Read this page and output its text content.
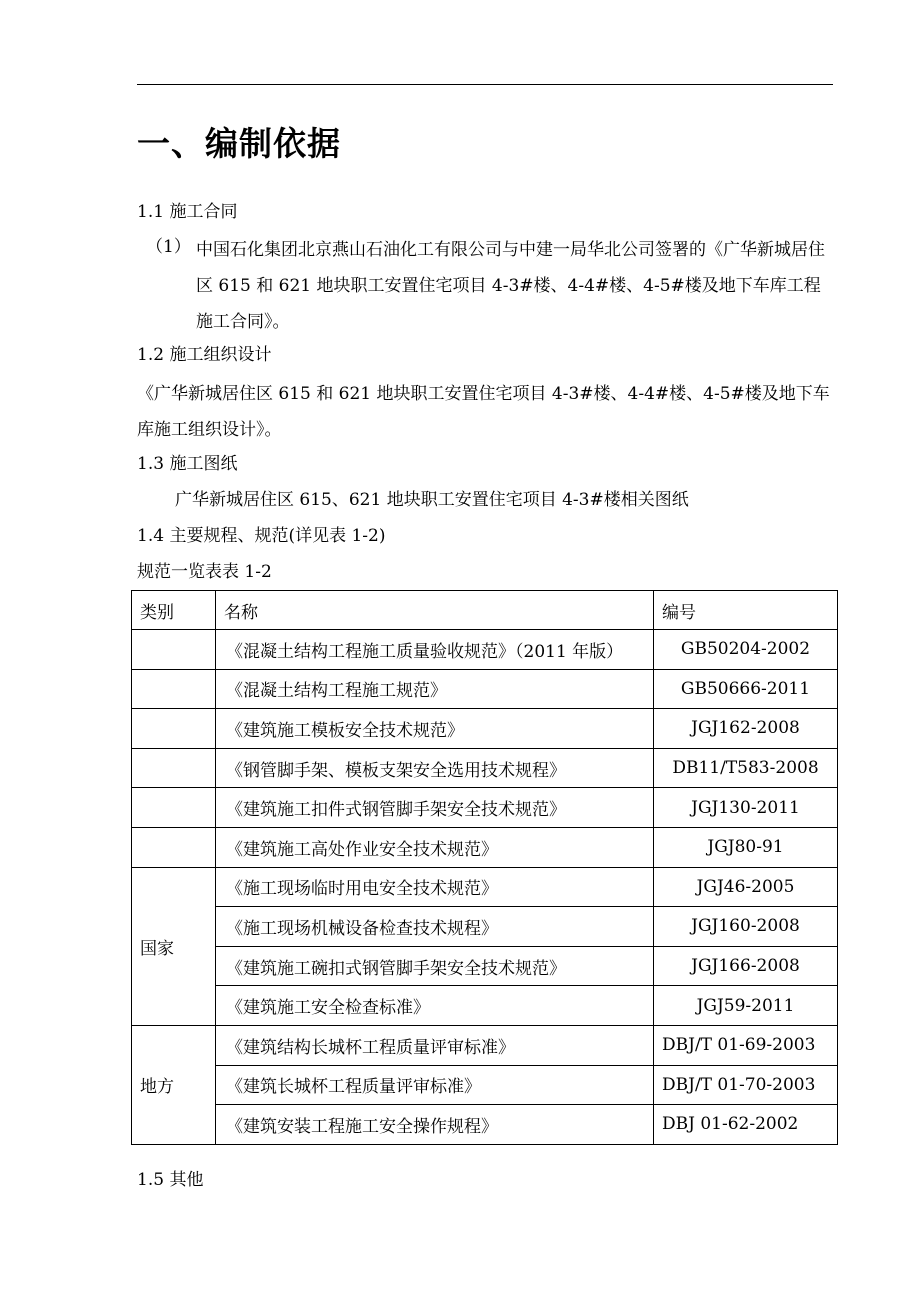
一、编制依据
1.1 施工合同
（1） 中国石化集团北京燕山石油化工有限公司与中建一局华北公司签署的《广华新城居住区 615 和 621 地块职工安置住宅项目 4-3#楼、4-4#楼、4-5#楼及地下车库工程施工合同》。
1.2 施工组织设计
《广华新城居住区 615 和 621 地块职工安置住宅项目 4-3#楼、4-4#楼、4-5#楼及地下车库施工组织设计》。
1.3 施工图纸
广华新城居住区 615、621 地块职工安置住宅项目 4-3#楼相关图纸
1.4 主要规程、规范(详见表 1-2)
规范一览表表 1-2
类别	名称	编号
	《混凝土结构工程施工质量验收规范》（2011 年版）	GB50204-2002
	《混凝土结构工程施工规范》	GB50666-2011
	《建筑施工模板安全技术规范》	JGJ162-2008
	《钢管脚手架、模板支架安全选用技术规程》	DB11/T583-2008
	《建筑施工扣件式钢管脚手架安全技术规范》	JGJ130-2011
	《建筑施工高处作业安全技术规范》	JGJ80-91
国家	《施工现场临时用电安全技术规范》	JGJ46-2005
	《施工现场机械设备检查技术规程》	JGJ160-2008
	《建筑施工碗扣式钢管脚手架安全技术规范》	JGJ166-2008
	《建筑施工安全检查标准》	JGJ59-2011
地方	《建筑结构长城杯工程质量评审标准》	DBJ/T 01-69-2003
	《建筑长城杯工程质量评审标准》	DBJ/T 01-70-2003
	《建筑安装工程施工安全操作规程》	DBJ 01-62-2002
1.5 其他
